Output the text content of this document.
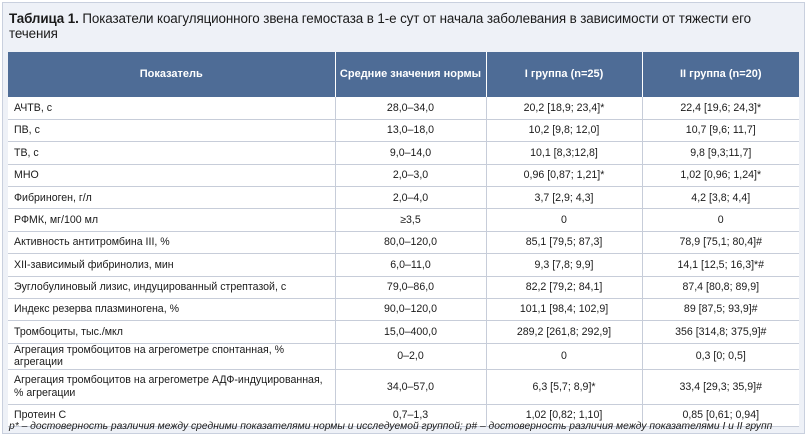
Таблица 1. Показатели коагуляционного звена гемостаза в 1-е сут от начала заболевания в зависимости от тяжести его течения
Показатель	Средние значения нормы	I группа (n=25)	II группа (n=20)
АЧТВ, с	28,0–34,0	20,2 [18,9; 23,4]*	22,4 [19,6; 24,3]*
ПВ, с	13,0–18,0	10,2 [9,8; 12,0]	10,7 [9,6; 11,7]
ТВ, с	9,0–14,0	10,1 [8,3;12,8]	9,8 [9,3;11,7]
МНО	2,0–3,0	0,96 [0,87; 1,21]*	1,02 [0,96; 1,24]*
Фибриноген, г/л	2,0–4,0	3,7 [2,9; 4,3]	4,2 [3,8; 4,4]
РФМК, мг/100 мл	≥3,5	0	0
Активность антитромбина III, %	80,0–120,0	85,1 [79,5; 87,3]	78,9 [75,1; 80,4]#
XII-зависимый фибринолиз, мин	6,0–11,0	9,3 [7,8; 9,9]	14,1 [12,5; 16,3]*#
Эуглобулиновый лизис, индуцированный стрептазой, с	79,0–86,0	82,2 [79,2; 84,1]	87,4 [80,8; 89,9]
Индекс резерва плазминогена, %	90,0–120,0	101,1 [98,4; 102,9]	89 [87,5; 93,9]#
Тромбоциты, тыс./мкл	15,0–400,0	289,2 [261,8; 292,9]	356 [314,8; 375,9]#
Агрегация тромбоцитов на агрегометре спонтанная, % агрегации	0–2,0	0	0,3 [0; 0,5]
Агрегация тромбоцитов на агрегометре АДФ-индуцированная, % агрегации	34,0–57,0	6,3 [5,7; 8,9]*	33,4 [29,3; 35,9]#
Протеин С	0,7–1,3	1,02 [0,82; 1,10]	0,85 [0,61; 0,94]
p* – достоверность различия между средними показателями нормы и исследуемой группой; p# – достоверность различия между показателями I и II групп
